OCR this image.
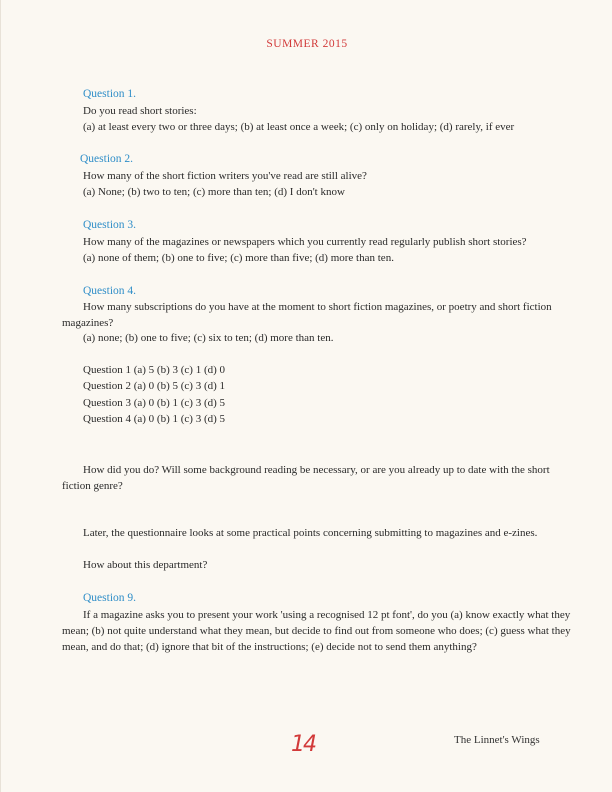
SUMMER 2015
Question 1.
Do you read short stories:
(a) at least every two or three days; (b) at least once a week; (c) only on holiday; (d) rarely, if ever
Question 2.
How many of the short fiction writers you've read are still alive?
(a) None; (b) two to ten; (c) more than ten; (d) I don't know
Question 3.
How many of the magazines or newspapers which you currently read regularly publish short stories?
(a) none of them; (b) one to five; (c) more than five; (d) more than ten.
Question 4.
How many subscriptions do you have at the moment to short fiction magazines, or poetry and short fiction magazines?
(a) none; (b) one to five; (c) six to ten; (d) more than ten.
Question 1 (a) 5 (b) 3 (c) 1 (d) 0
Question 2 (a) 0 (b) 5 (c) 3 (d) 1
Question 3 (a) 0 (b) 1 (c) 3 (d) 5
Question 4 (a) 0 (b) 1 (c) 3 (d) 5
How did you do? Will some background reading be necessary, or are you already up to date with the short fiction genre?
Later, the questionnaire looks at some practical points concerning submitting to magazines and e-zines.
How about this department?
Question 9.
If a magazine asks you to present your work 'using a recognised 12 pt font', do you (a) know exactly what they mean; (b) not quite understand what they mean, but decide to find out from someone who does; (c) guess what they mean, and do that; (d) ignore that bit of the instructions; (e) decide not to send them anything?
14	The Linnet's Wings
